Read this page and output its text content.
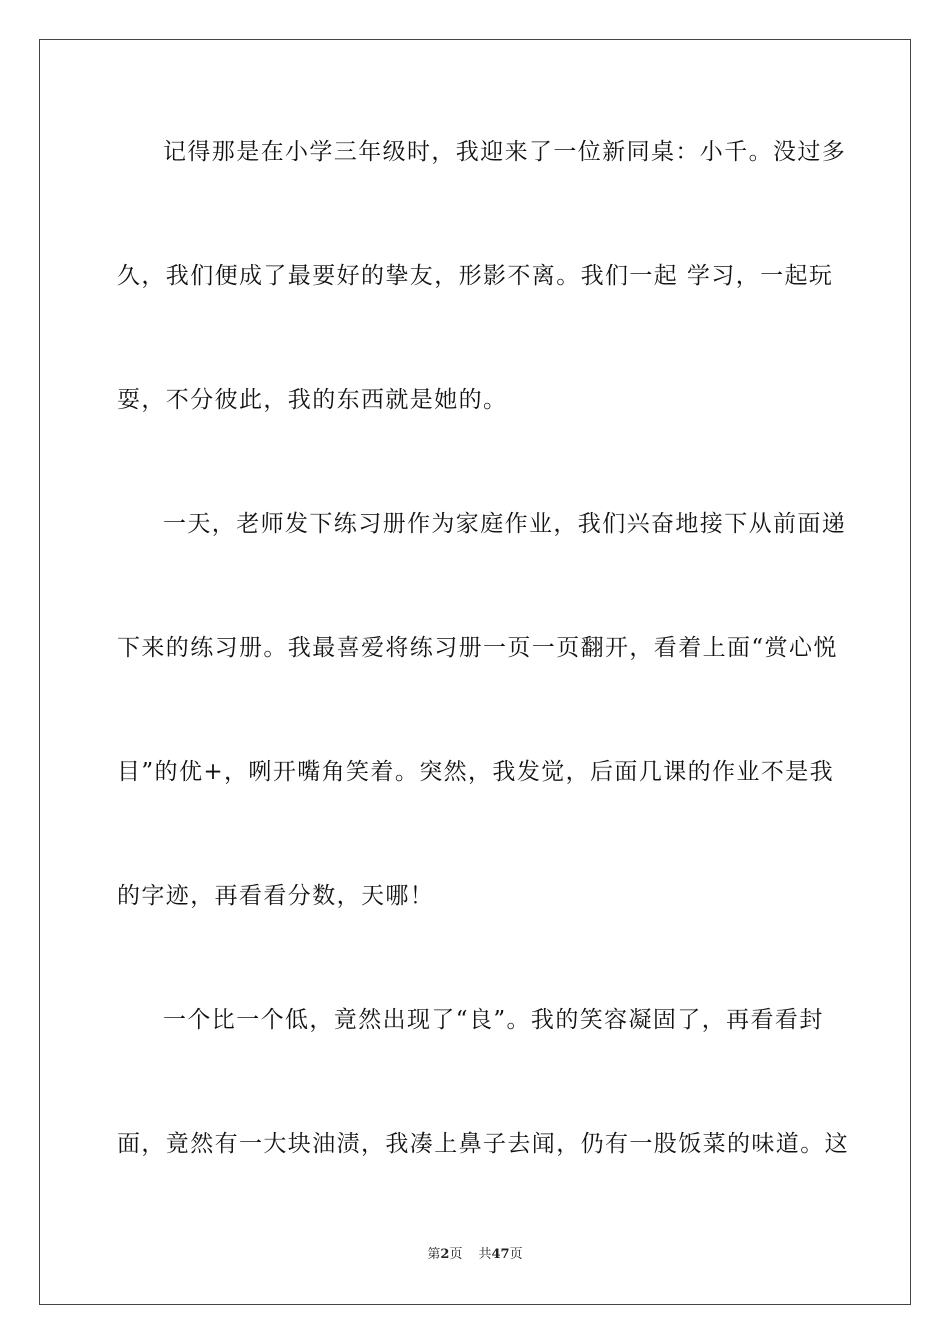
记得那是在小学三年级时，我迎来了一位新同桌：小千。没过多
久，我们便成了最要好的挚友，形影不离。我们一起 学习，一起玩
耍，不分彼此，我的东西就是她的。
一天，老师发下练习册作为家庭作业，我们兴奋地接下从前面递
下来的练习册。我最喜爱将练习册一页一页翻开，看着上面“赏心悦
目”的优+，咧开嘴角笑着。突然，我发觉，后面几课的作业不是我
的字迹，再看看分数，天哪！
一个比一个低，竟然出现了“良”。我的笑容凝固了，再看看封
面，竟然有一大块油渍，我凑上鼻子去闻，仍有一股饭菜的味道。这
第2页 共47页
